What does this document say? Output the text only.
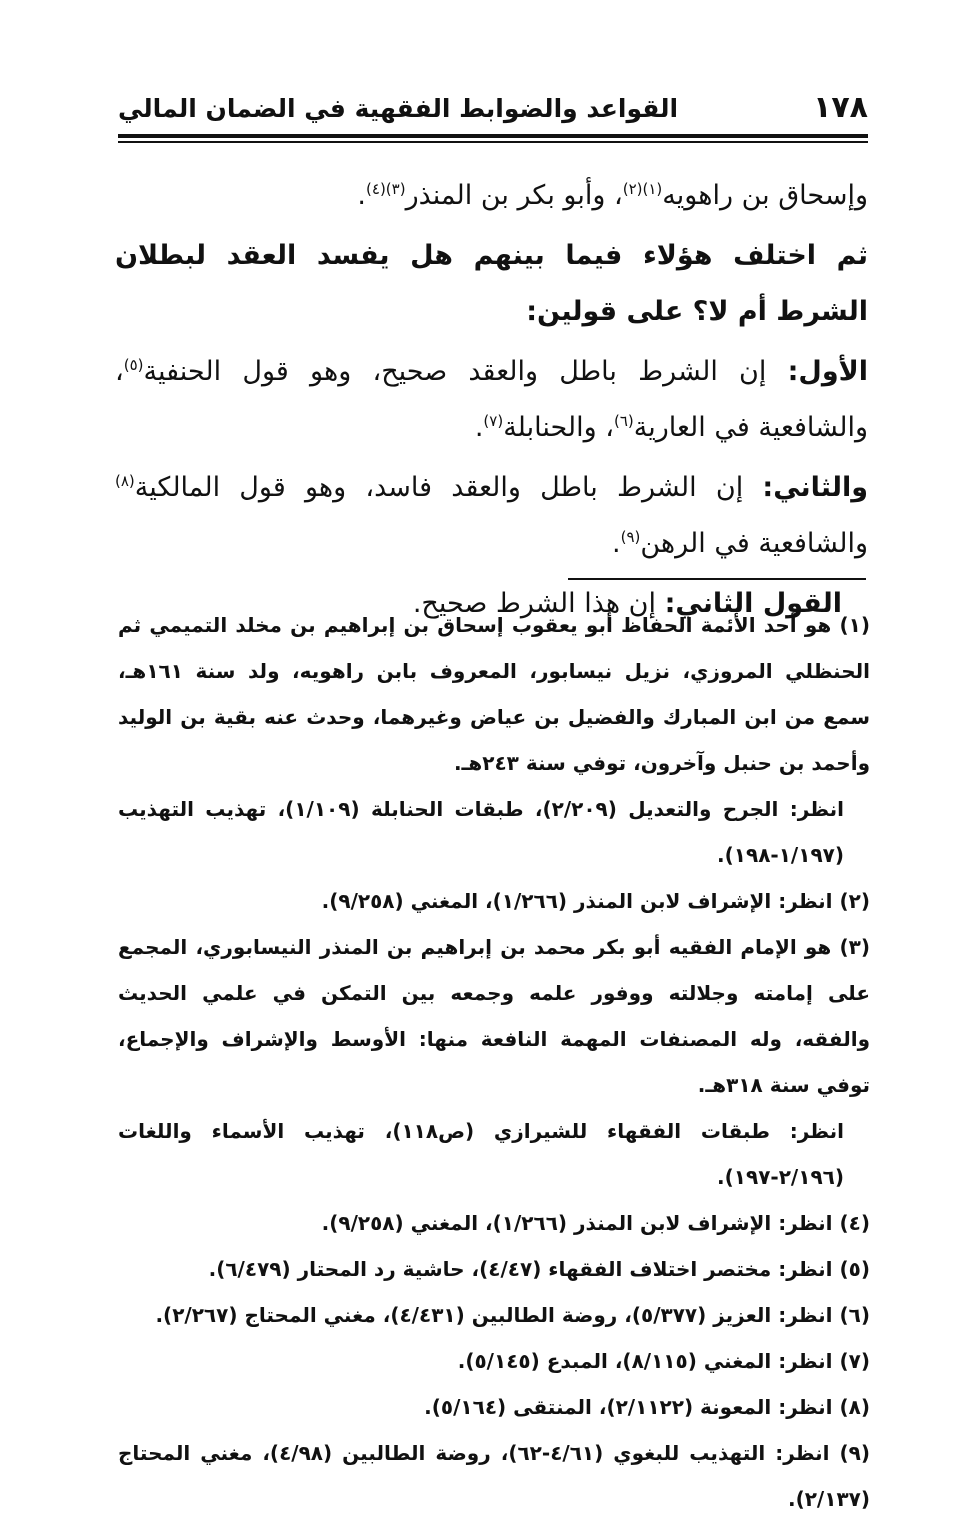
١٧٨
القواعد والضوابط الفقهية في الضمان المالي

وإسحاق بن راهويه$^{(١)(٢)}$، وأبو بكر بن المنذر$^{(٣)(٤)}$.

ثم اختلف هؤلاء فيما بينهم هل يفسد العقد لبطلان الشرط أم لا؟ على قولين:

الأول: إن الشرط باطل والعقد صحيح، وهو قول الحنفية$^{(٥)}$، والشافعية في العارية$^{(٦)}$، والحنابلة$^{(٧)}$.

والثاني: إن الشرط باطل والعقد فاسد، وهو قول المالكية$^{(٨)}$ والشافعية في الرهن$^{(٩)}$.

القول الثاني: إن هذا الشرط صحيح.

(١) هو أحد الأئمة الحفاظ أبو يعقوب إسحاق بن إبراهيم بن مخلد التميمي ثم الحنظلي المروزي، نزيل نيسابور، المعروف بابن راهويه، ولد سنة ١٦١هـ، سمع من ابن المبارك والفضيل بن عياض وغيرهما، وحدث عنه بقية بن الوليد وأحمد بن حنبل وآخرون، توفي سنة ٢٤٣هـ.

انظر: الجرح والتعديل (٢/٢٠٩)، طبقات الحنابلة (١/١٠٩)، تهذيب التهذيب (١/١٩٧-١٩٨).

(٢) انظر: الإشراف لابن المنذر (١/٢٦٦)، المغني (٩/٢٥٨).

(٣) هو الإمام الفقيه أبو بكر محمد بن إبراهيم بن المنذر النيسابوري، المجمع على إمامته وجلالته ووفور علمه وجمعه بين التمكن في علمي الحديث والفقه، وله المصنفات المهمة النافعة منها: الأوسط والإشراف والإجماع، توفي سنة ٣١٨هـ.

انظر: طبقات الفقهاء للشيرازي (ص١١٨)، تهذيب الأسماء واللغات (٢/١٩٦-١٩٧).

(٤) انظر: الإشراف لابن المنذر (١/٢٦٦)، المغني (٩/٢٥٨).

(٥) انظر: مختصر اختلاف الفقهاء (٤/٤٧)، حاشية رد المحتار (٦/٤٧٩).

(٦) انظر: العزيز (٥/٣٧٧)، روضة الطالبين (٤/٤٣١)، مغني المحتاج (٢/٢٦٧).

(٧) انظر: المغني (٨/١١٥)، المبدع (٥/١٤٥).

(٨) انظر: المعونة (٢/١١٢٢)، المنتقى (٥/١٦٤).

(٩) انظر: التهذيب للبغوي (٤/٦١-٦٢)، روضة الطالبين (٤/٩٨)، مغني المحتاج (٢/١٣٧).
